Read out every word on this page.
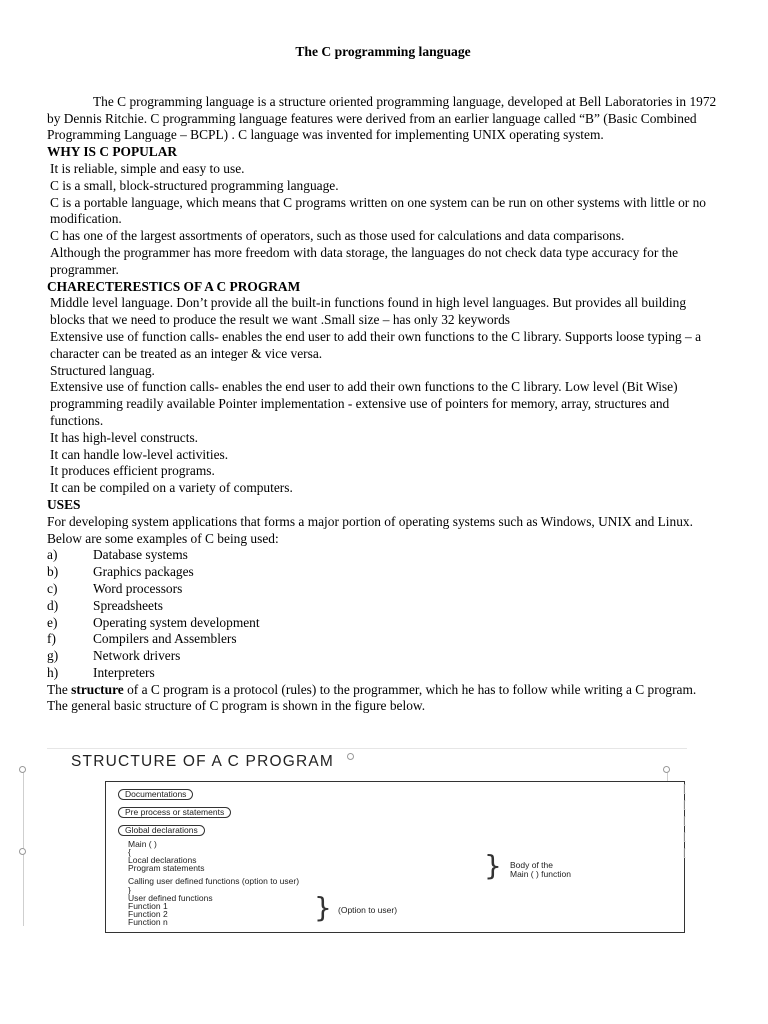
The C programming language

The C programming language is a structure oriented programming language, developed at Bell Laboratories in 1972 by Dennis Ritchie. C programming language features were derived from an earlier language called “B” (Basic Combined Programming Language – BCPL) . C language was invented for implementing UNIX operating system.

WHY IS C POPULAR

It is reliable, simple and easy to use.

C is a small, block-structured programming language.

C is a portable language, which means that C programs written on one system can be run on other systems with little or no modification.

C has one of the largest assortments of operators, such as those used for calculations and data comparisons.

Although the programmer has more freedom with data storage, the languages do not check data type accuracy for the programmer.

CHARECTERESTICS OF A C PROGRAM

Middle level language. Don’t provide all the built-in functions found in high level languages. But provides all building blocks that we need to produce the result we want .Small size – has only 32 keywords

Extensive use of function calls- enables the end user to add their own functions to the C library. Supports loose typing – a character can be treated as an integer & vice versa.

Structured languag.

Extensive use of function calls- enables the end user to add their own functions to the C library. Low level (Bit Wise) programming readily available Pointer implementation - extensive use of pointers for memory, array, structures and functions.

It has high-level constructs.

It can handle low-level activities.

It produces efficient programs.

It can be compiled on a variety of computers.

USES

For developing system applications that forms a major portion of operating systems such as Windows, UNIX and Linux.

Below are some examples of C being used:

a)	Database systems
b)	Graphics packages
c)	Word processors
d)	Spreadsheets
e)	Operating system development
f)	Compilers and Assemblers
g)	Network drivers
h)	Interpreters

The structure of a C program is a protocol (rules) to the programmer, which he has to follow while writing a C program. The general basic structure of C program is shown in the figure below.

STRUCTURE OF A C PROGRAM
Documentations
Pre process or statements
Global declarations
Main ( )
{
Local declarations
Program statements
Calling user defined functions (option to user)
}
User defined functions
Function 1
Function 2
Function n
} Body of the
Main ( ) function
} (Option to user)
[
[
[
[
[
